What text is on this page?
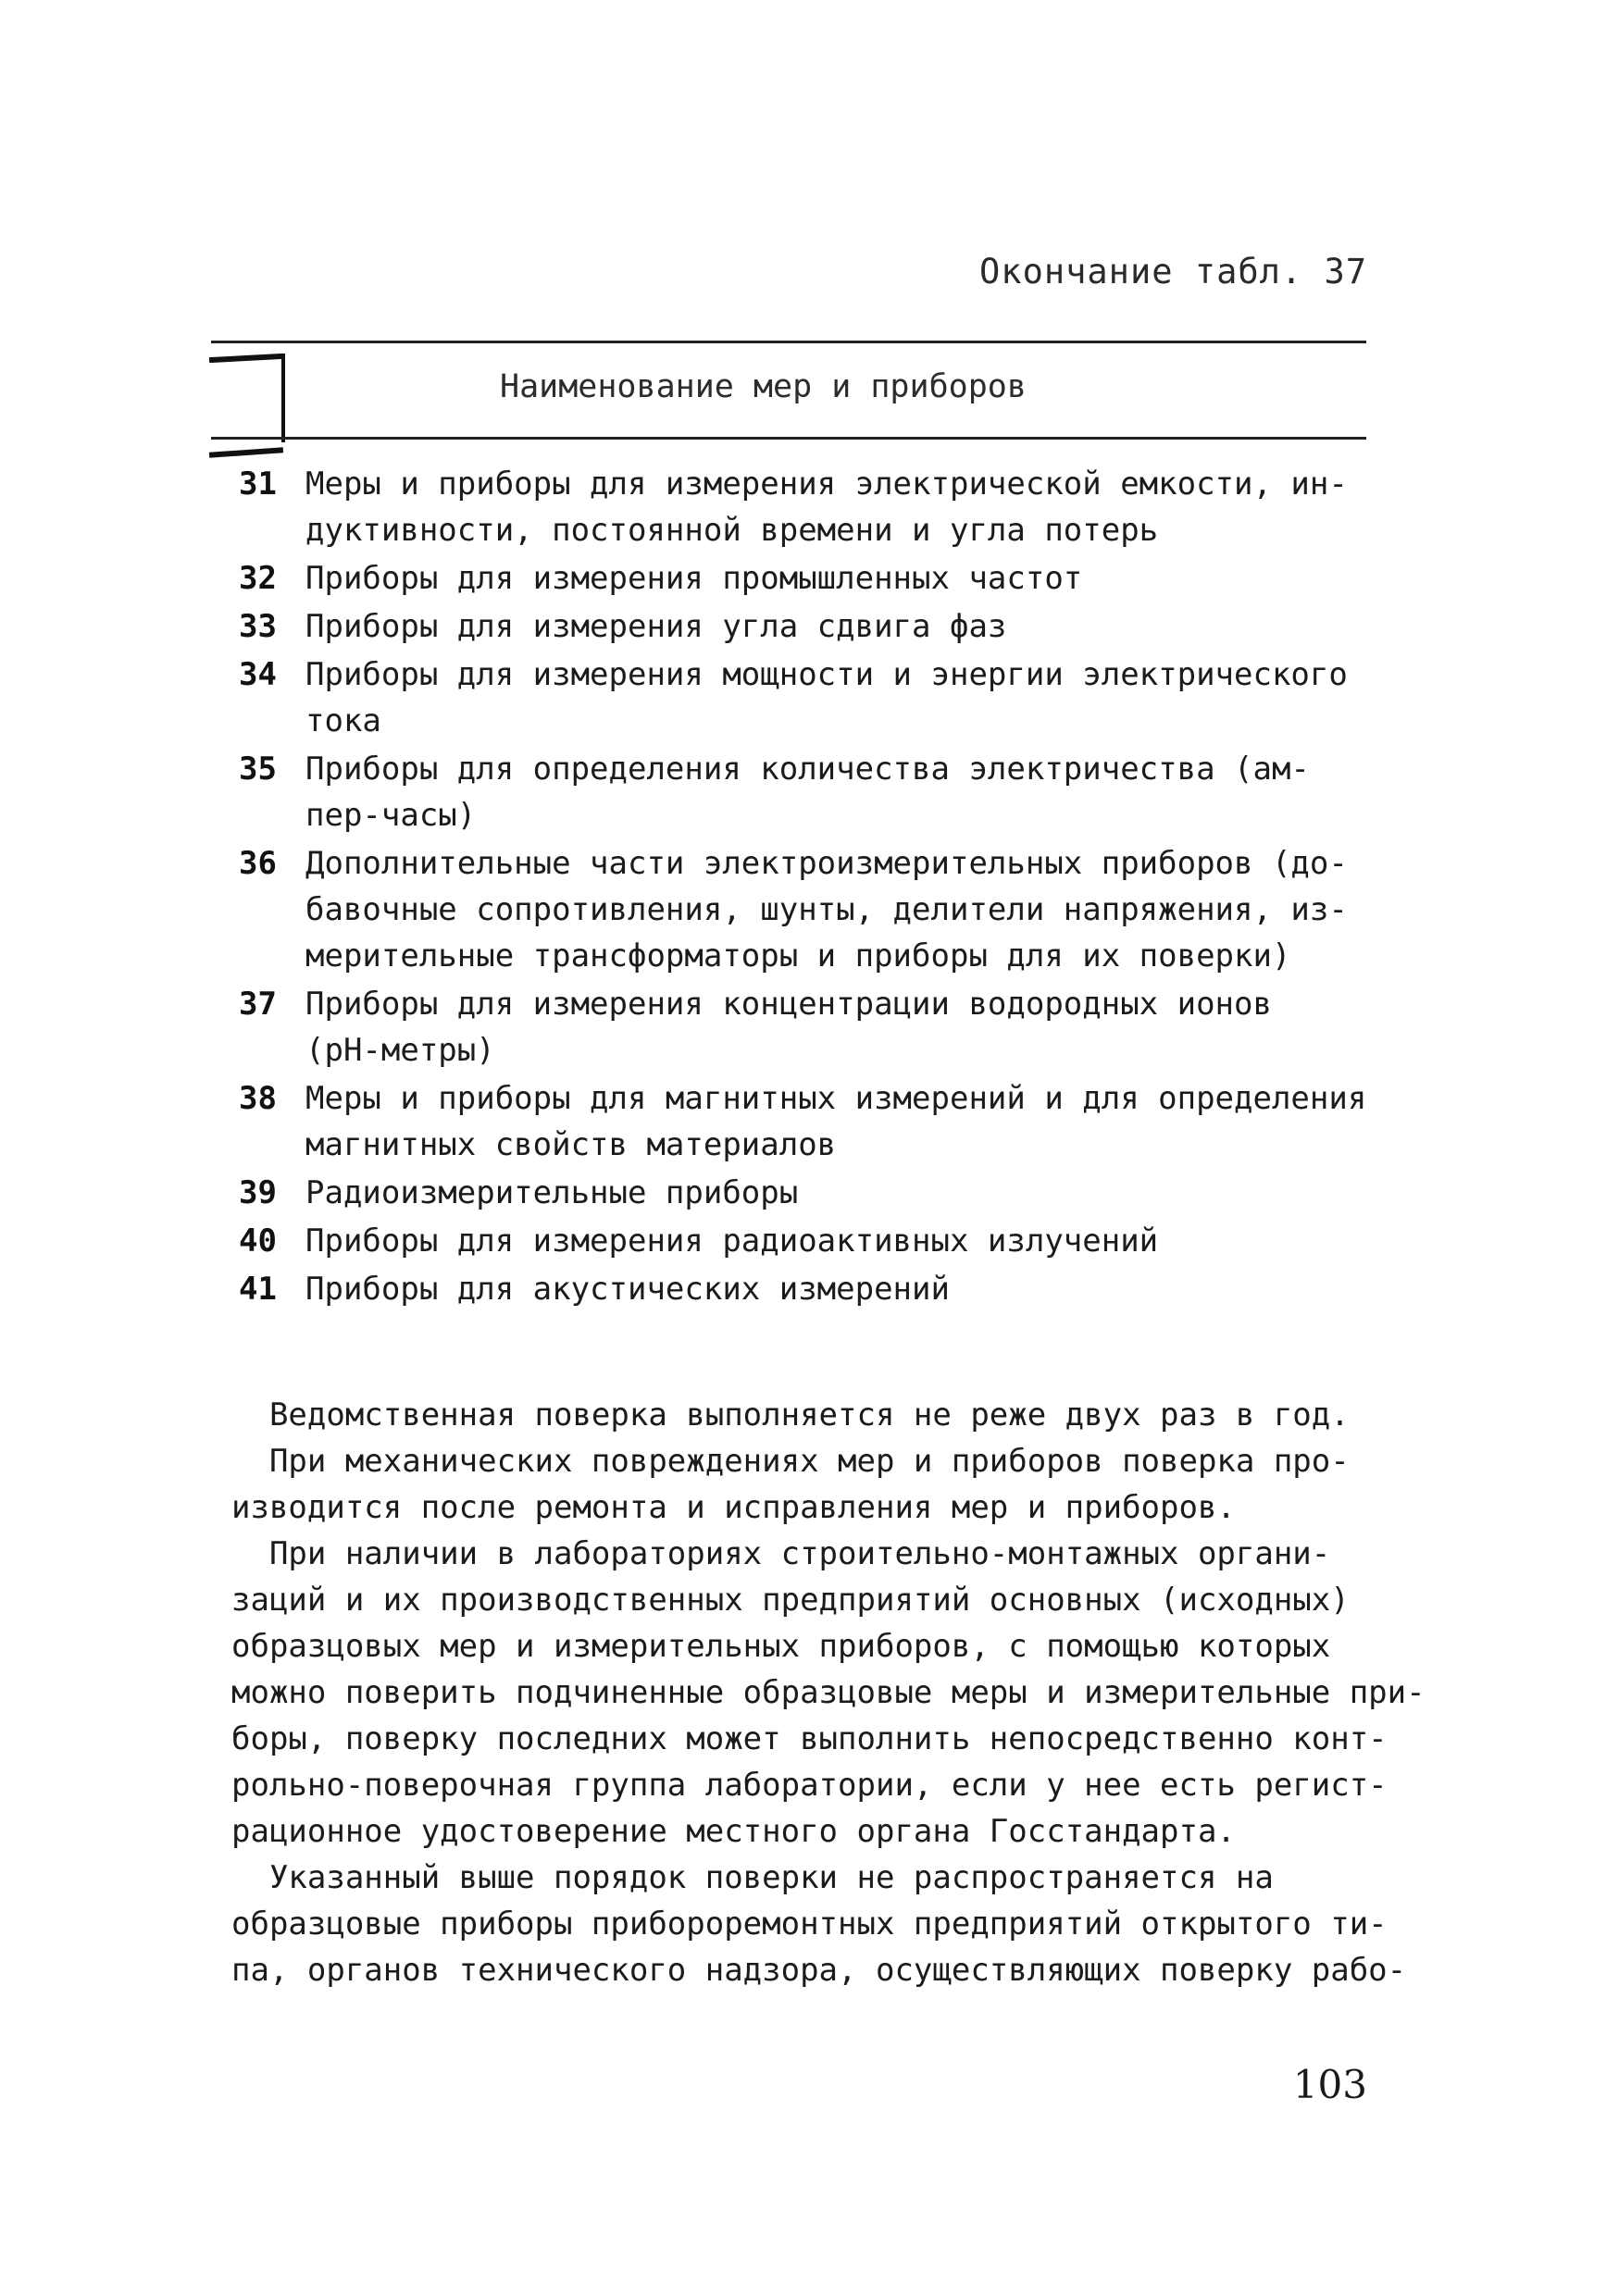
Окончание табл. 37
Наименование мер и приборов
31 Меры и приборы для измерения электрической емкости, ин-
дуктивности, постоянной времени и угла потерь
32 Приборы для измерения промышленных частот
33 Приборы для измерения угла сдвига фаз
34 Приборы для измерения мощности и энергии электрического
тока
35 Приборы для определения количества электричества (ам-
пер-часы)
36 Дополнительные части электроизмерительных приборов (до-
бавочные сопротивления, шунты, делители напряжения, из-
мерительные трансформаторы и приборы для их поверки)
37 Приборы для измерения концентрации водородных ионов
(рН-метры)
38 Меры и приборы для магнитных измерений и для определения
магнитных свойств материалов
39 Радиоизмерительные приборы
40 Приборы для измерения радиоактивных излучений
41 Приборы для акустических измерений
Ведомственная поверка выполняется не реже двух раз в год.
При механических повреждениях мер и приборов поверка про-
изводится после ремонта и исправления мер и приборов.
При наличии в лабораториях строительно-монтажных органи-
заций и их производственных предприятий основных (исходных)
образцовых мер и измерительных приборов, с помощью которых
можно поверить подчиненные образцовые меры и измерительные при-
боры, поверку последних может выполнить непосредственно конт-
рольно-поверочная группа лаборатории, если у нее есть регист-
рационное удостоверение местного органа Госстандарта.
Указанный выше порядок поверки не распространяется на
образцовые приборы прибороремонтных предприятий открытого ти-
па, органов технического надзора, осуществляющих поверку рабо-
103
